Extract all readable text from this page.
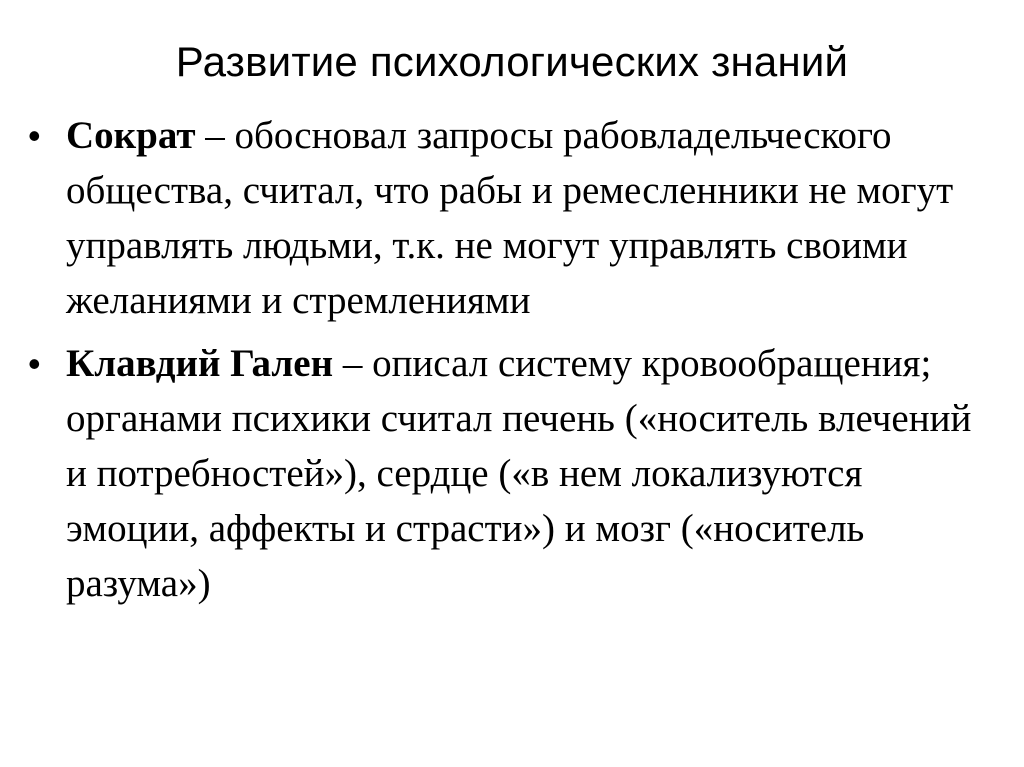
Развитие психологических знаний
• Сократ – обосновал запросы рабовладельческого общества, считал, что рабы и ремесленники не могут управлять людьми, т.к. не могут управлять своими желаниями и стремлениями
• Клавдий Гален – описал систему кровообращения; органами психики считал печень («носитель влечений и потребностей»), сердце («в нем локализуются эмоции, аффекты и страсти») и мозг («носитель разума»)
